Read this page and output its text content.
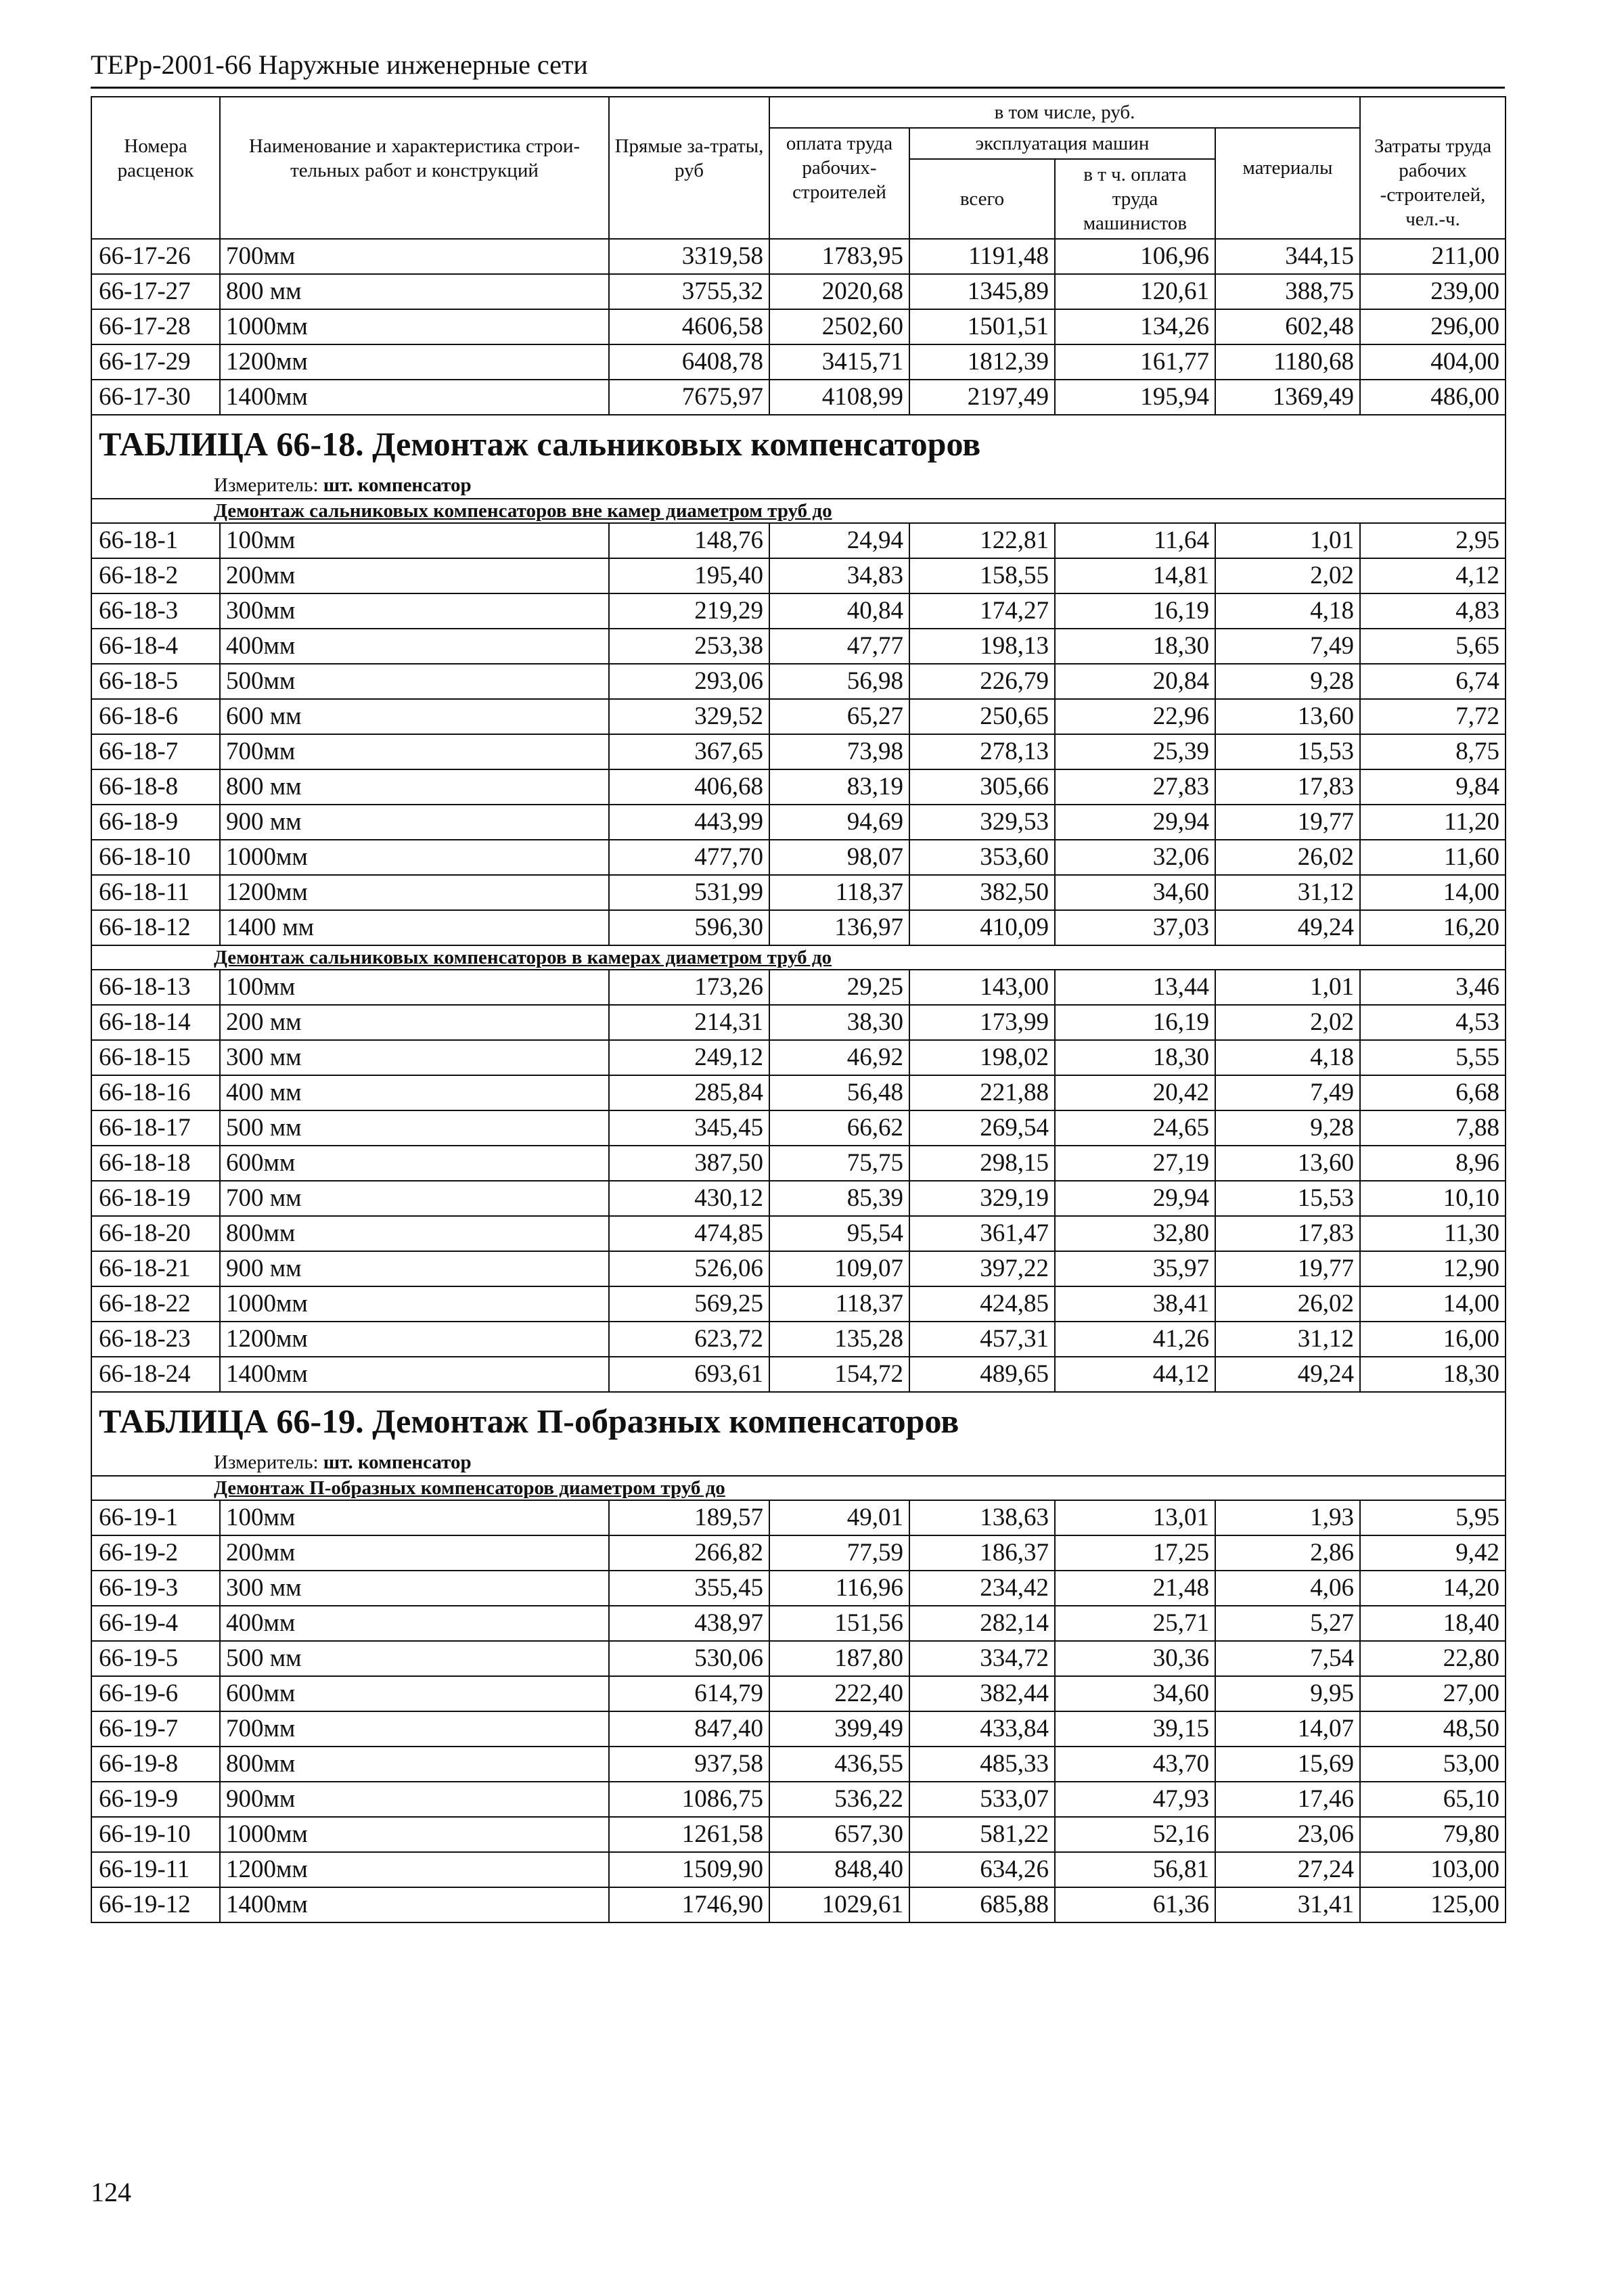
ТЕРр-2001-66 Наружные инженерные сети
Номера расценок	Наименование и характеристика строи-тельных работ и конструкций	Прямые за-траты, руб	в том числе, руб.				Затраты труда рабочих -строителей, чел.-ч.
			оплата труда рабочих-строителей	эксплуатация машин		материалы	
				всего	в т ч. оплата труда машинистов		
66-17-26	700мм	3319,58	1783,95	1191,48	106,96	344,15	211,00
66-17-27	800 мм	3755,32	2020,68	1345,89	120,61	388,75	239,00
66-17-28	1000мм	4606,58	2502,60	1501,51	134,26	602,48	296,00
66-17-29	1200мм	6408,78	3415,71	1812,39	161,77	1180,68	404,00
66-17-30	1400мм	7675,97	4108,99	2197,49	195,94	1369,49	486,00
ТАБЛИЦА 66-18. Демонтаж сальниковых компенсаторов							
Измеритель: шт. компенсатор							
Демонтаж сальниковых компенсаторов вне камер диаметром труб до							
66-18-1	100мм	148,76	24,94	122,81	11,64	1,01	2,95
66-18-2	200мм	195,40	34,83	158,55	14,81	2,02	4,12
66-18-3	300мм	219,29	40,84	174,27	16,19	4,18	4,83
66-18-4	400мм	253,38	47,77	198,13	18,30	7,49	5,65
66-18-5	500мм	293,06	56,98	226,79	20,84	9,28	6,74
66-18-6	600 мм	329,52	65,27	250,65	22,96	13,60	7,72
66-18-7	700мм	367,65	73,98	278,13	25,39	15,53	8,75
66-18-8	800 мм	406,68	83,19	305,66	27,83	17,83	9,84
66-18-9	900 мм	443,99	94,69	329,53	29,94	19,77	11,20
66-18-10	1000мм	477,70	98,07	353,60	32,06	26,02	11,60
66-18-11	1200мм	531,99	118,37	382,50	34,60	31,12	14,00
66-18-12	1400 мм	596,30	136,97	410,09	37,03	49,24	16,20
Демонтаж сальниковых компенсаторов в камерах диаметром труб до							
66-18-13	100мм	173,26	29,25	143,00	13,44	1,01	3,46
66-18-14	200 мм	214,31	38,30	173,99	16,19	2,02	4,53
66-18-15	300 мм	249,12	46,92	198,02	18,30	4,18	5,55
66-18-16	400 мм	285,84	56,48	221,88	20,42	7,49	6,68
66-18-17	500 мм	345,45	66,62	269,54	24,65	9,28	7,88
66-18-18	600мм	387,50	75,75	298,15	27,19	13,60	8,96
66-18-19	700 мм	430,12	85,39	329,19	29,94	15,53	10,10
66-18-20	800мм	474,85	95,54	361,47	32,80	17,83	11,30
66-18-21	900 мм	526,06	109,07	397,22	35,97	19,77	12,90
66-18-22	1000мм	569,25	118,37	424,85	38,41	26,02	14,00
66-18-23	1200мм	623,72	135,28	457,31	41,26	31,12	16,00
66-18-24	1400мм	693,61	154,72	489,65	44,12	49,24	18,30
ТАБЛИЦА 66-19. Демонтаж П-образных компенсаторов							
Измеритель: шт. компенсатор							
Демонтаж П-образных компенсаторов диаметром труб до							
66-19-1	100мм	189,57	49,01	138,63	13,01	1,93	5,95
66-19-2	200мм	266,82	77,59	186,37	17,25	2,86	9,42
66-19-3	300 мм	355,45	116,96	234,42	21,48	4,06	14,20
66-19-4	400мм	438,97	151,56	282,14	25,71	5,27	18,40
66-19-5	500 мм	530,06	187,80	334,72	30,36	7,54	22,80
66-19-6	600мм	614,79	222,40	382,44	34,60	9,95	27,00
66-19-7	700мм	847,40	399,49	433,84	39,15	14,07	48,50
66-19-8	800мм	937,58	436,55	485,33	43,70	15,69	53,00
66-19-9	900мм	1086,75	536,22	533,07	47,93	17,46	65,10
66-19-10	1000мм	1261,58	657,30	581,22	52,16	23,06	79,80
66-19-11	1200мм	1509,90	848,40	634,26	56,81	27,24	103,00
66-19-12	1400мм	1746,90	1029,61	685,88	61,36	31,41	125,00
124
